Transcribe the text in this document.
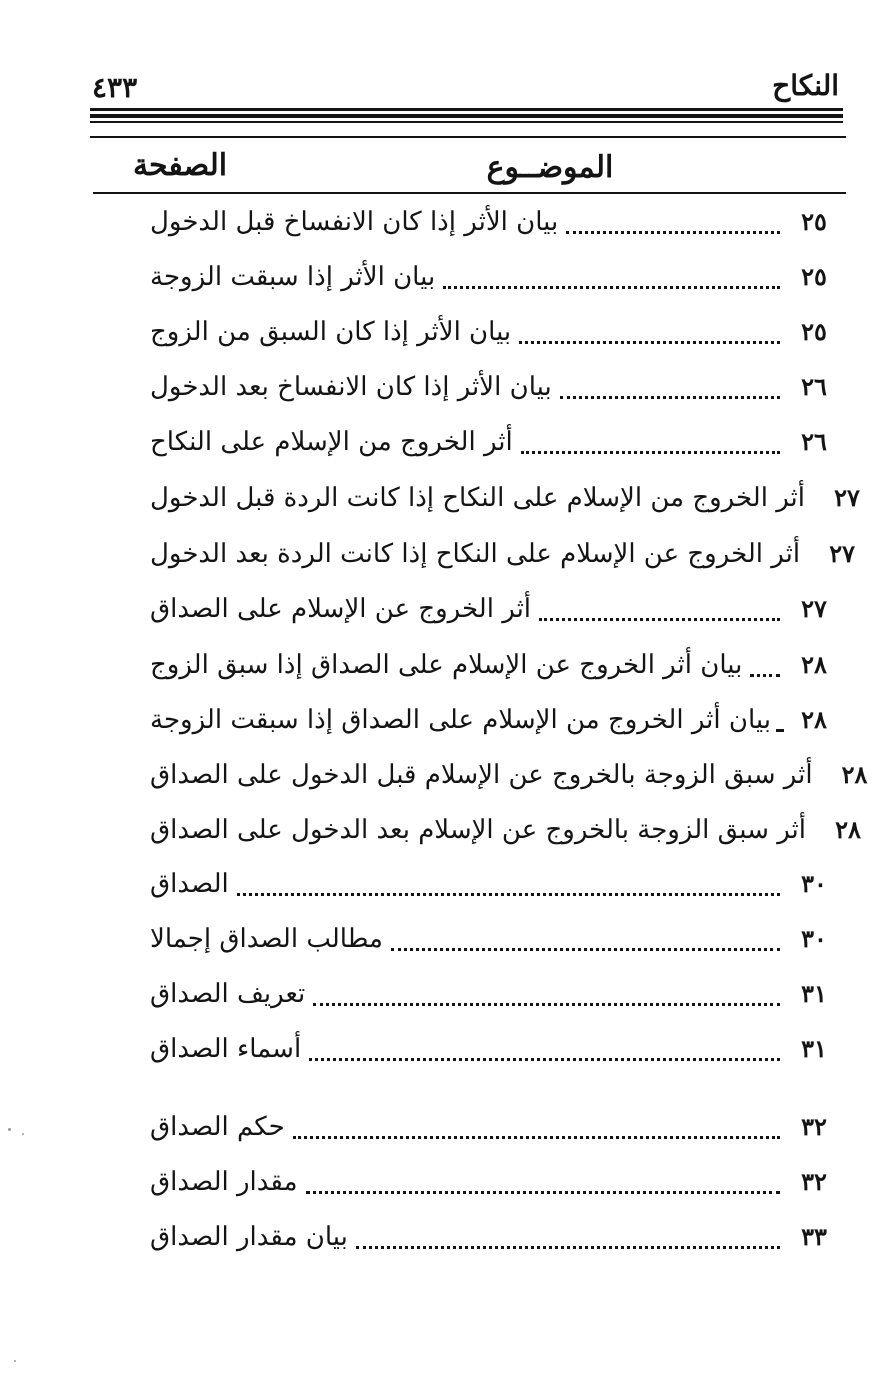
النكاح
٤٣٣
الموضــوع
الصفحة
بيان الأثر إذا كان الانفساخ قبل الدخول	٢٥
بيان الأثر إذا سبقت الزوجة	٢٥
بيان الأثر إذا كان السبق من الزوج	٢٥
بيان الأثر إذا كان الانفساخ بعد الدخول	٢٦
أثر الخروج من الإسلام على النكاح	٢٦
أثر الخروج من الإسلام على النكاح إذا كانت الردة قبل الدخول	٢٧
أثر الخروج عن الإسلام على النكاح إذا كانت الردة بعد الدخول	٢٧
أثر الخروج عن الإسلام على الصداق	٢٧
بيان أثر الخروج عن الإسلام على الصداق إذا سبق الزوج	٢٨
بيان أثر الخروج من الإسلام على الصداق إذا سبقت الزوجة	٢٨
أثر سبق الزوجة بالخروج عن الإسلام قبل الدخول على الصداق	٢٨
أثر سبق الزوجة بالخروج عن الإسلام بعد الدخول على الصداق	٢٨
الصداق	٣٠
مطالب الصداق إجمالا	٣٠
تعريف الصداق	٣١
أسماء الصداق	٣١
حكم الصداق	٣٢
مقدار الصداق	٣٢
بيان مقدار الصداق	٣٣
